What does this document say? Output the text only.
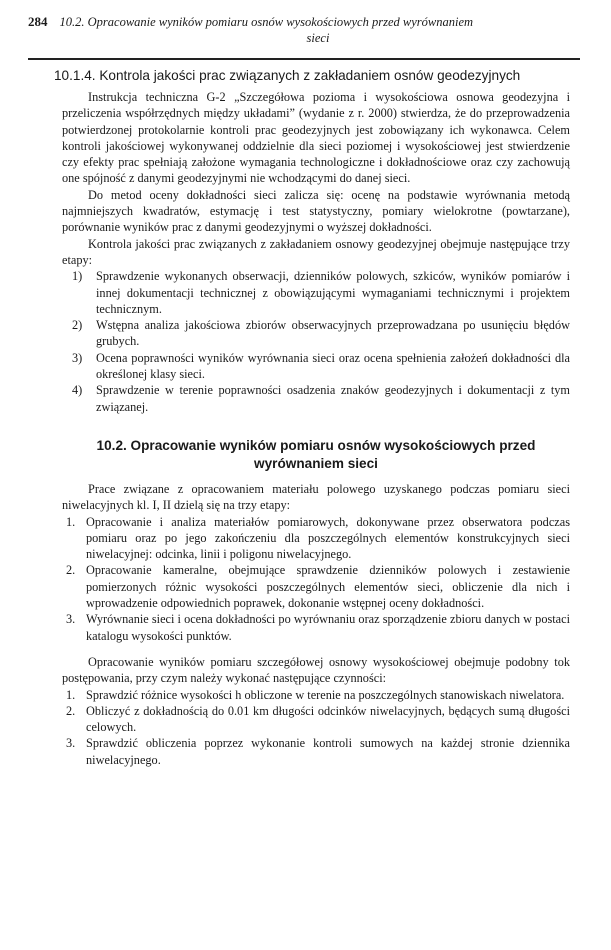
284 10.2. Opracowanie wyników pomiaru osnów wysokościowych przed wyrównaniem
sieci
10.1.4. Kontrola jakości prac związanych z zakładaniem osnów geodezyjnych

Instrukcja techniczna G-2 „Szczegółowa pozioma i wysokościowa osnowa geodezyjna i przeliczenia współrzędnych między układami” (wydanie z r. 2000) stwierdza, że do przeprowadzenia potwierdzonej protokolarnie kontroli prac geodezyjnych jest zobowiązany ich wykonawca. Celem kontroli jakościowej wykonywanej oddzielnie dla sieci poziomej i wysokościowej jest stwierdzenie czy efekty prac spełniają założone wymagania technologiczne i dokładnościowe oraz czy zachowują one spójność z danymi geodezyjnymi nie wchodzącymi do danej sieci.

Do metod oceny dokładności sieci zalicza się: ocenę na podstawie wyrównania metodą najmniejszych kwadratów, estymację i test statystyczny, pomiary wielokrotne (powtarzane), porównanie wyników prac z danymi geodezyjnymi o wyższej dokładności.

Kontrola jakości prac związanych z zakładaniem osnowy geodezyjnej obejmuje następujące trzy etapy:

1) Sprawdzenie wykonanych obserwacji, dzienników polowych, szkiców, wyników pomiarów i innej dokumentacji technicznej z obowiązującymi wymaganiami technicznymi i projektem technicznym.
2) Wstępna analiza jakościowa zbiorów obserwacyjnych przeprowadzana po usunięciu błędów grubych.
3) Ocena poprawności wyników wyrównania sieci oraz ocena spełnienia założeń dokładności dla określonej klasy sieci.
4) Sprawdzenie w terenie poprawności osadzenia znaków geodezyjnych i dokumentacji z tym związanej.
10.2. Opracowanie wyników pomiaru osnów wysokościowych przed
wyrównaniem sieci

Prace związane z opracowaniem materiału polowego uzyskanego podczas pomiaru sieci niwelacyjnych kl. I, II dzielą się na trzy etapy:

1. Opracowanie i analiza materiałów pomiarowych, dokonywane przez obserwatora podczas pomiaru oraz po jego zakończeniu dla poszczególnych elementów konstrukcyjnych sieci niwelacyjnej: odcinka, linii i poligonu niwelacyjnego.
2. Opracowanie kameralne, obejmujące sprawdzenie dzienników polowych i zestawienie pomierzonych różnic wysokości poszczególnych elementów sieci, obliczenie dla nich i wprowadzenie odpowiednich poprawek, dokonanie wstępnej oceny dokładności.
3. Wyrównanie sieci i ocena dokładności po wyrównaniu oraz sporządzenie zbioru danych w postaci katalogu wysokości punktów.

Opracowanie wyników pomiaru szczegółowej osnowy wysokościowej obejmuje podobny tok postępowania, przy czym należy wykonać następujące czynności:

1. Sprawdzić różnice wysokości h obliczone w terenie na poszczególnych stanowiskach niwelatora.
2. Obliczyć z dokładnością do 0.01 km długości odcinków niwelacyjnych, będących sumą długości celowych.
3. Sprawdzić obliczenia poprzez wykonanie kontroli sumowych na każdej stronie dziennika niwelacyjnego.
